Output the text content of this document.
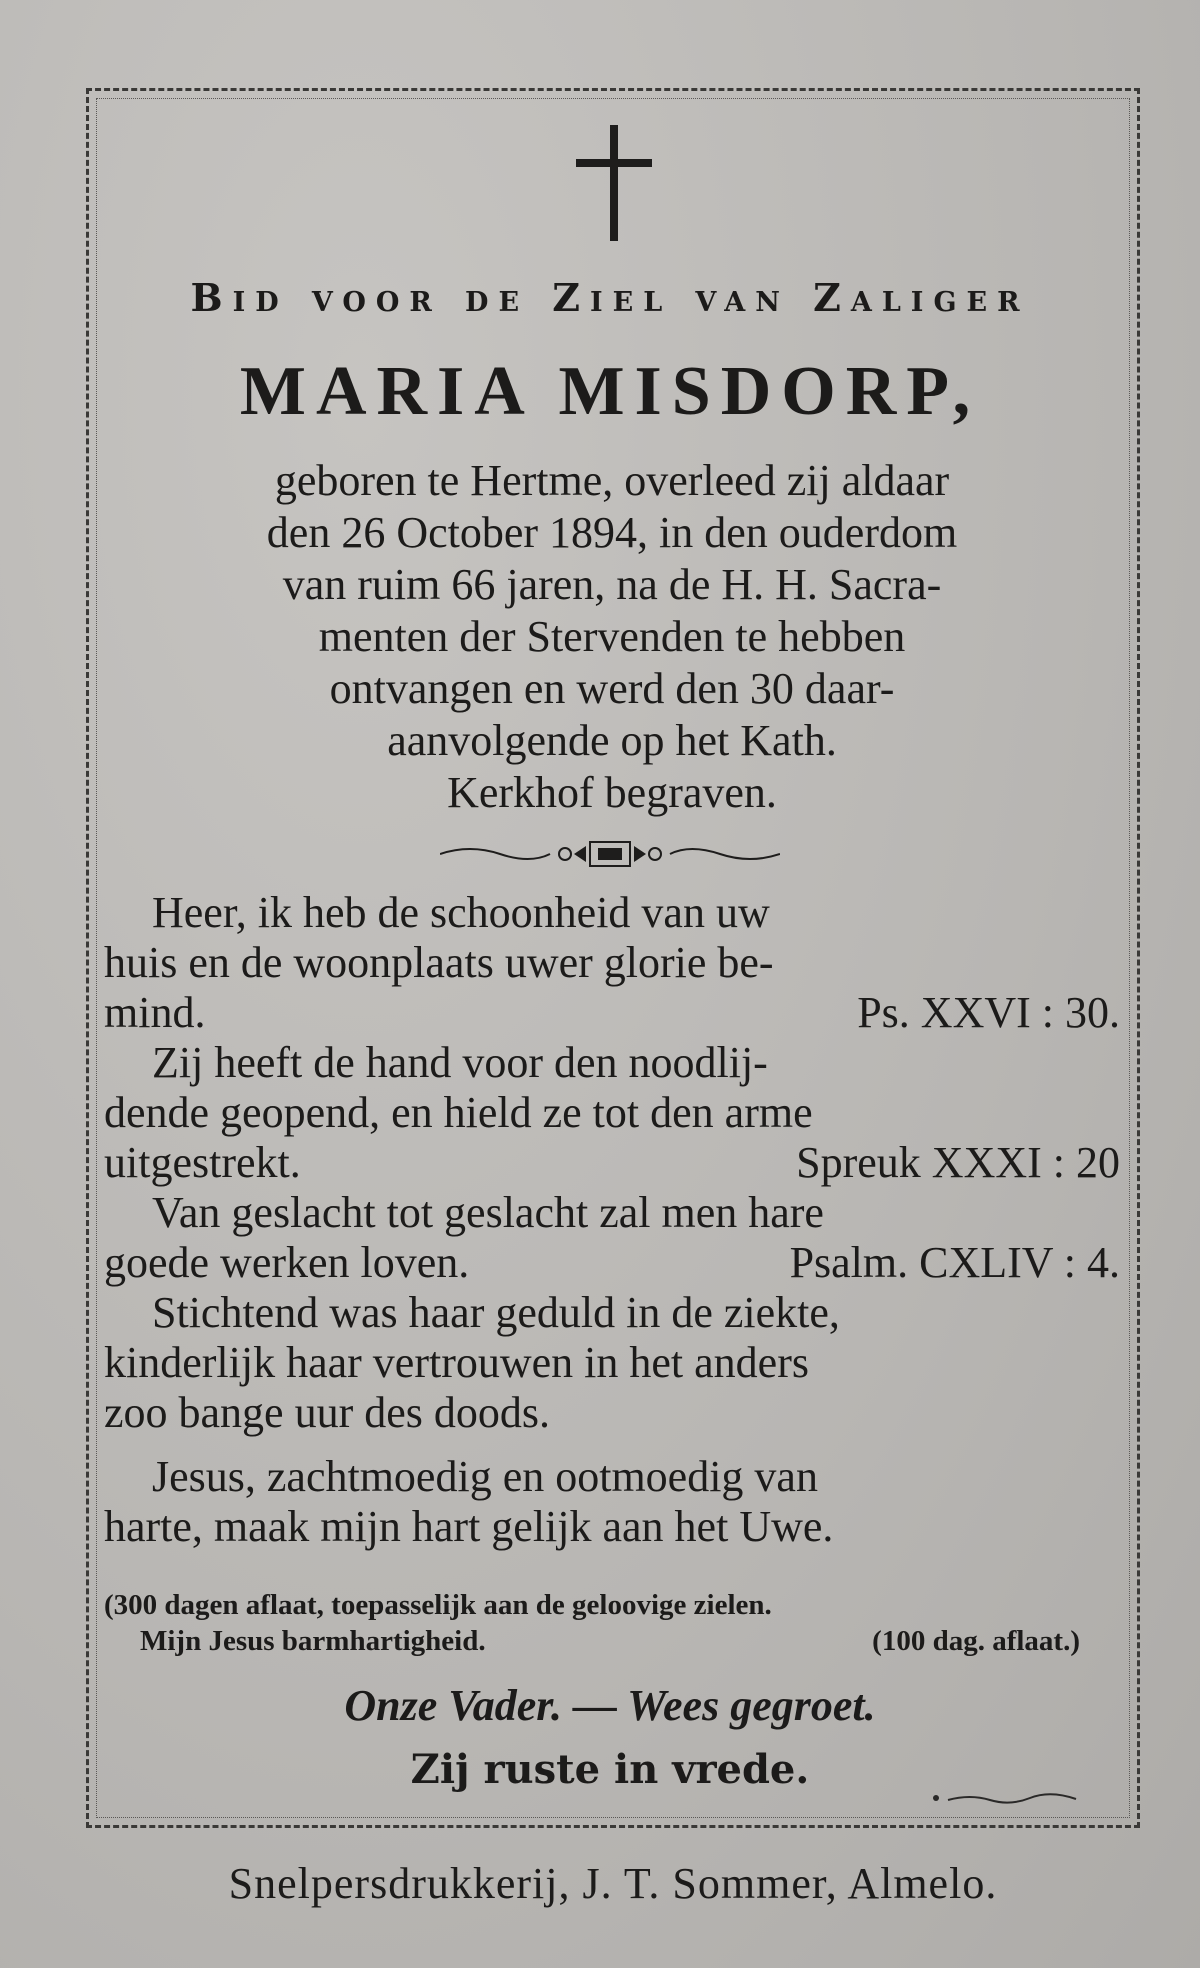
Bid voor de Ziel van Zaliger
MARIA MISDORP,
geboren te Hertme, overleed zij aldaar
den 26 October 1894, in den ouderdom
van ruim 66 jaren, na de H. H. Sacra-
menten der Stervenden te hebben
ontvangen en werd den 30 daar-
aanvolgende op het Kath.
Kerkhof begraven.
Heer, ik heb de schoonheid van uw
huis en de woonplaats uwer glorie be-
mind.	Ps. XXVI : 30.
Zij heeft de hand voor den noodlij-
dende geopend, en hield ze tot den arme
uitgestrekt.	Spreuk XXXI : 20
Van geslacht tot geslacht zal men hare
goede werken loven.	Psalm. CXLIV : 4.
Stichtend was haar geduld in de ziekte,
kinderlijk haar vertrouwen in het anders
zoo bange uur des doods.
Jesus, zachtmoedig en ootmoedig van
harte, maak mijn hart gelijk aan het Uwe.
(300 dagen aflaat, toepasselijk aan de geloovige zielen.
Mijn Jesus barmhartigheid.	(100 dag. aflaat.)
Onze Vader. — Wees gegroet.
Zij ruste in vrede.
Snelpersdrukkerij, J. T. Sommer, Almelo.
